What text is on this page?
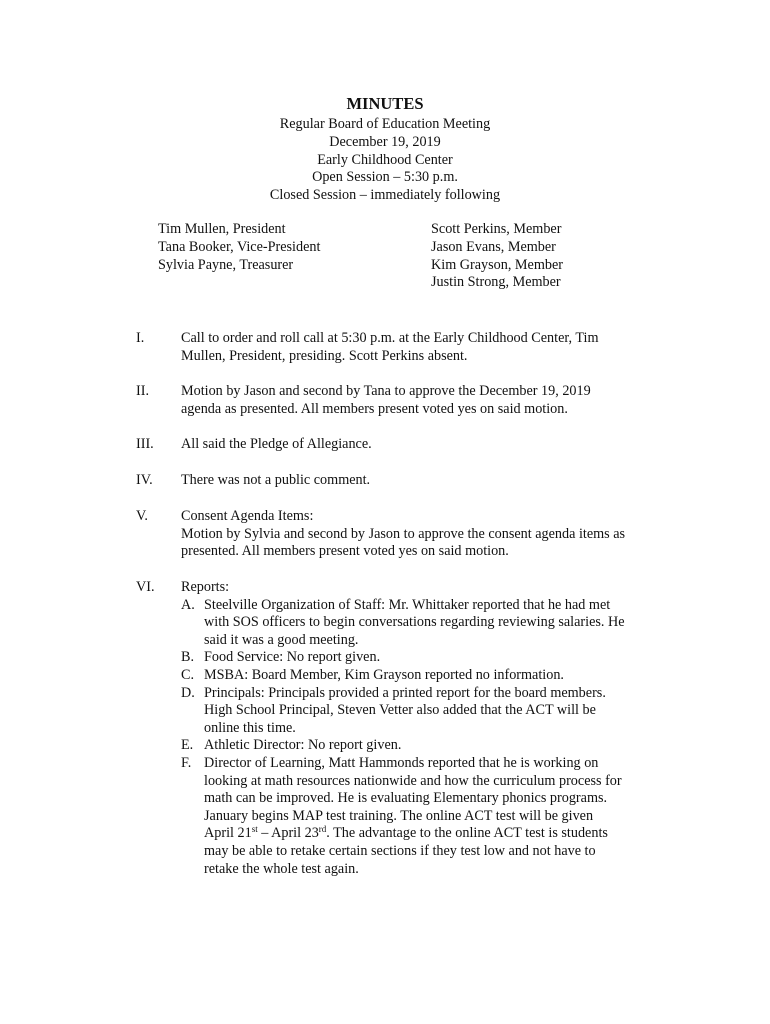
MINUTES
Regular Board of Education Meeting
December 19, 2019
Early Childhood Center
Open Session – 5:30 p.m.
Closed Session – immediately following
Tim Mullen, President
Tana Booker, Vice-President
Sylvia Payne, Treasurer
Scott Perkins, Member
Jason Evans, Member
Kim Grayson, Member
Justin Strong, Member
I.	Call to order and roll call at 5:30 p.m. at the Early Childhood Center, Tim
Mullen, President, presiding. Scott Perkins absent.
II. Motion by Jason and second by Tana to approve the December 19, 2019
agenda as presented. All members present voted yes on said motion.
III. All said the Pledge of Allegiance.
IV. There was not a public comment.
V. Consent Agenda Items:
Motion by Sylvia and second by Jason to approve the consent agenda items as
presented. All members present voted yes on said motion.
VI. Reports:
A. Steelville Organization of Staff: Mr. Whittaker reported that he had met
with SOS officers to begin conversations regarding reviewing salaries. He
said it was a good meeting.
B. Food Service: No report given.
C. MSBA: Board Member, Kim Grayson reported no information.
D. Principals: Principals provided a printed report for the board members.
High School Principal, Steven Vetter also added that the ACT will be
online this time.
E. Athletic Director: No report given.
F. Director of Learning, Matt Hammonds reported that he is working on
looking at math resources nationwide and how the curriculum process for
math can be improved. He is evaluating Elementary phonics programs.
January begins MAP test training. The online ACT test will be given
April 21st – April 23rd. The advantage to the online ACT test is students
may be able to retake certain sections if they test low and not have to
retake the whole test again.
